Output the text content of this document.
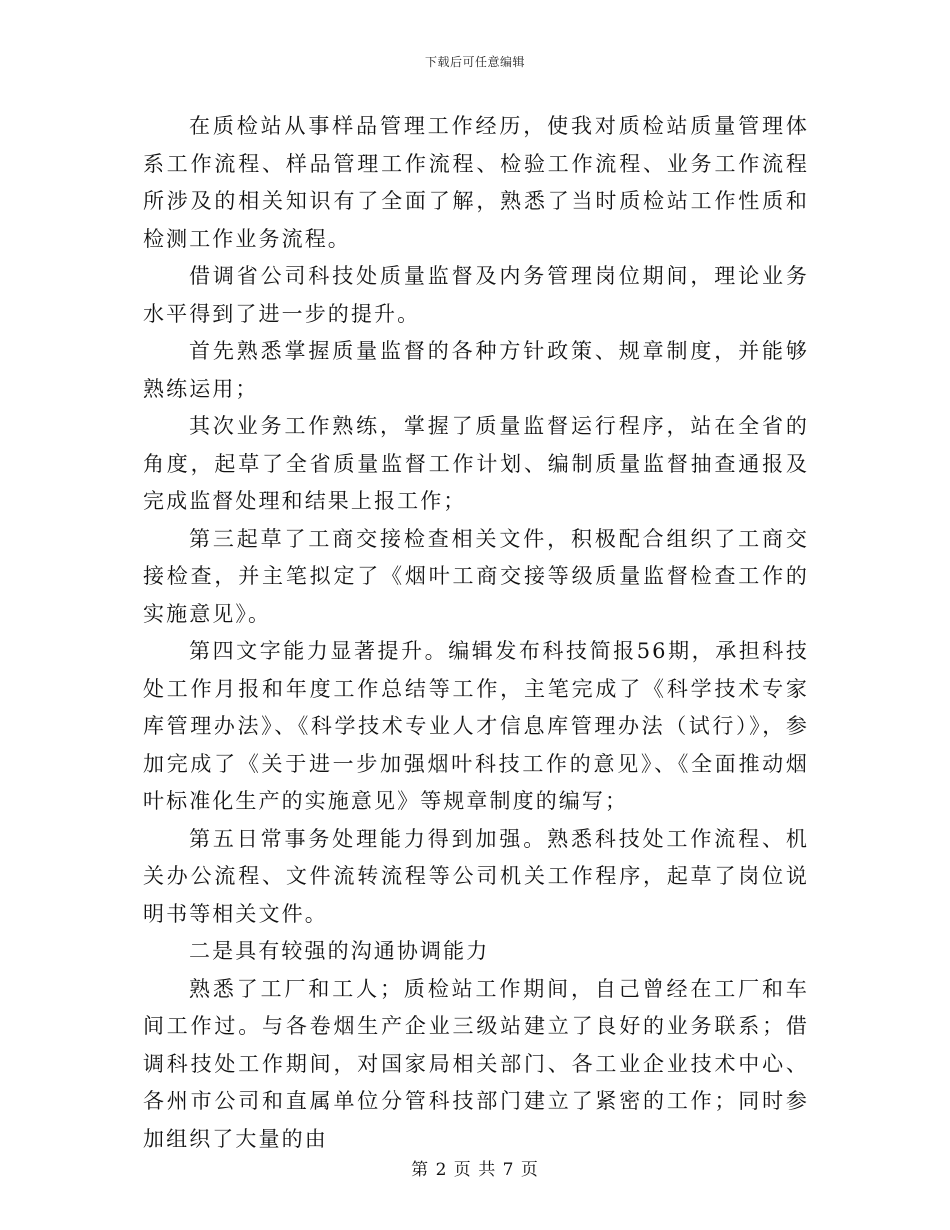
下载后可任意编辑

在质检站从事样品管理工作经历，使我对质检站质量管理体系工作流程、样品管理工作流程、检验工作流程、业务工作流程所涉及的相关知识有了全面了解，熟悉了当时质检站工作性质和检测工作业务流程。

借调省公司科技处质量监督及内务管理岗位期间，理论业务水平得到了进一步的提升。

首先熟悉掌握质量监督的各种方针政策、规章制度，并能够熟练运用；

其次业务工作熟练，掌握了质量监督运行程序，站在全省的角度，起草了全省质量监督工作计划、编制质量监督抽查通报及完成监督处理和结果上报工作；

第三起草了工商交接检查相关文件，积极配合组织了工商交接检查，并主笔拟定了《烟叶工商交接等级质量监督检查工作的实施意见》。

第四文字能力显著提升。编辑发布科技简报56期，承担科技处工作月报和年度工作总结等工作，主笔完成了《科学技术专家库管理办法》、《科学技术专业人才信息库管理办法（试行）》，参加完成了《关于进一步加强烟叶科技工作的意见》、《全面推动烟叶标准化生产的实施意见》等规章制度的编写；

第五日常事务处理能力得到加强。熟悉科技处工作流程、机关办公流程、文件流转流程等公司机关工作程序，起草了岗位说明书等相关文件。

二是具有较强的沟通协调能力

熟悉了工厂和工人；质检站工作期间，自己曾经在工厂和车间工作过。与各卷烟生产企业三级站建立了良好的业务联系；借调科技处工作期间，对国家局相关部门、各工业企业技术中心、各州市公司和直属单位分管科技部门建立了紧密的工作；同时参加组织了大量的由

第 2 页 共 7 页
